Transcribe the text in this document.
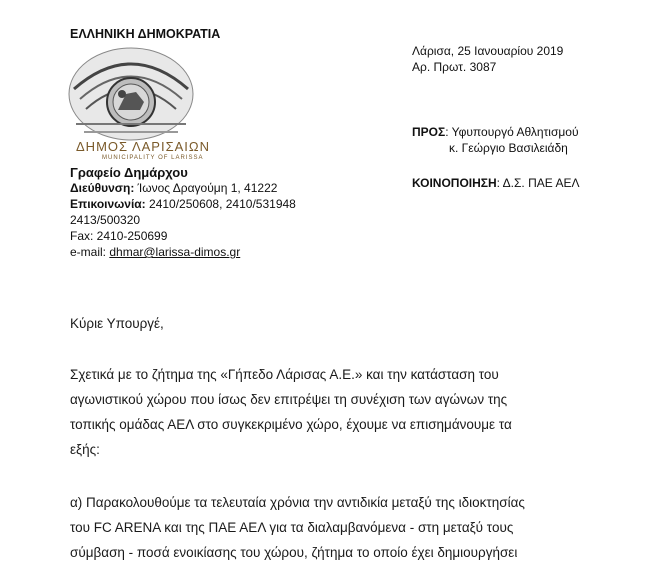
ΕΛΛΗΝΙΚΗ ΔΗΜΟΚΡΑΤΙΑ
ΔΗΜΟΣ ΛΑΡΙΣΑΙΩΝ
MUNICIPALITY OF LARISSA
Γραφείο Δημάρχου
Διεύθυνση: Ίωνος Δραγούμη 1, 41222
Επικοινωνία: 2410/250608, 2410/531948
2413/500320
Fax: 2410-250699
e-mail: dhmar@larissa-dimos.gr
Λάρισα, 25 Ιανουαρίου 2019
Αρ. Πρωτ. 3087
ΠΡΟΣ: Υφυπουργό Αθλητισμού
κ. Γεώργιο Βασιλειάδη
ΚΟΙΝΟΠΟΙΗΣΗ: Δ.Σ. ΠΑΕ ΑΕΛ
Κύριε Υπουργέ,
Σχετικά με το ζήτημα της «Γήπεδο Λάρισας Α.Ε.» και την κατάσταση του
αγωνιστικού χώρου που ίσως δεν επιτρέψει τη συνέχιση των αγώνων της
τοπικής ομάδας ΑΕΛ στο συγκεκριμένο χώρο, έχουμε να επισημάνουμε τα
εξής:
α) Παρακολουθούμε τα τελευταία χρόνια την αντιδικία μεταξύ της ιδιοκτησίας
του FC ARENA και της ΠΑΕ ΑΕΛ για τα διαλαμβανόμενα - στη μεταξύ τους
σύμβαση - ποσά ενοικίασης του χώρου, ζήτημα το οποίο έχει δημιουργήσει
